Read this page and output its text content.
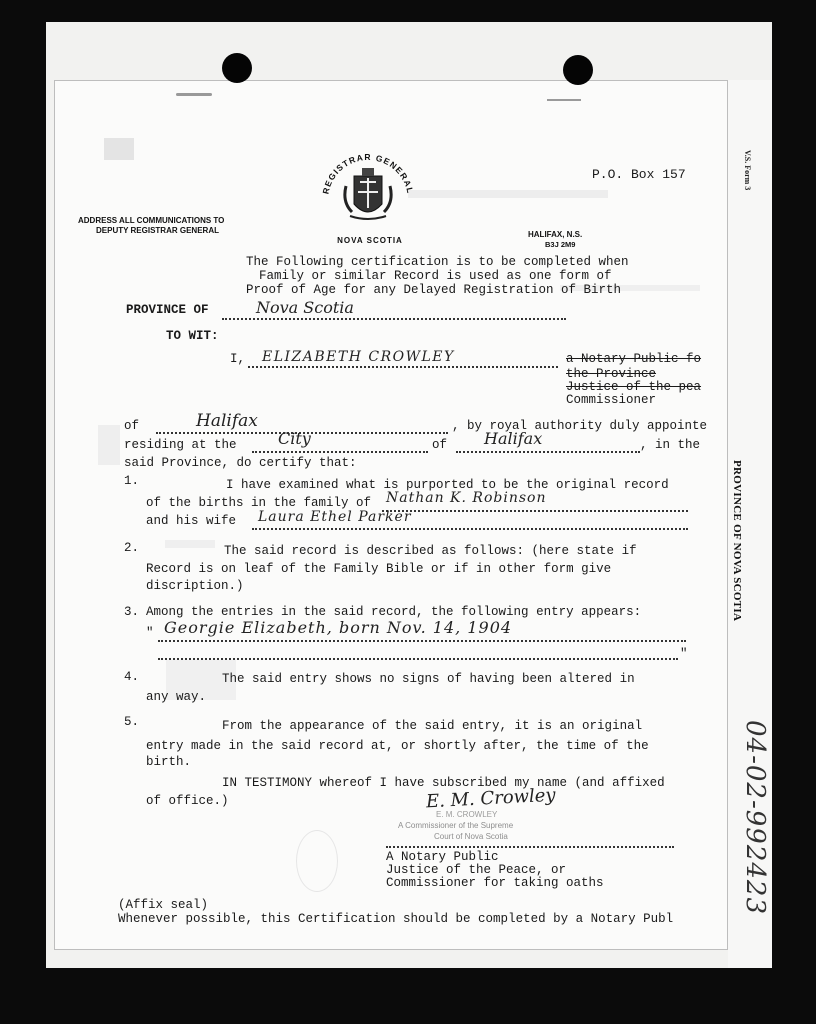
REGISTRAR GENERAL
NOVA SCOTIA
P.O. Box 157
ADDRESS ALL COMMUNICATIONS TO
DEPUTY REGISTRAR GENERAL	HALIFAX, N.S.
B3J 2M9
The Following certification is to be completed when
Family or similar Record is used as one form of
Proof of Age for any Delayed Registration of Birth
PROVINCE OF	Nova Scotia
TO WIT:
I, ELIZABETH CROWLEY	a Notary Public fo
the Province
Justice of the pea
Commissioner
of	Halifax	, by royal authority duly appointe
residing at the	City	of Halifax	, in the
said Province, do certify that:
1.	I have examined what is purported to be the original record
of the births in the family of Nathan K. Robinson
and his wife Laura Ethel Parker
2.	The said record is described as follows: (here state if
Record is on leaf of the Family Bible or if in other form give
discription.)
3. Among the entries in the said record, the following entry appears:
" Georgie Elizabeth, born Nov. 14, 1904
"
4.	The said entry shows no signs of having been altered in
any way.
5.	From the appearance of the said entry, it is an original
entry made in the said record at, or shortly after, the time of the
birth.
IN TESTIMONY whereof I have subscribed my name (and affixed
of office.)	E. M. Crowley
E. M. CROWLEY
A Commissioner of the Supreme
Court of Nova Scotia
A Notary Public
Justice of the Peace, or
Commissioner for taking oaths
(Affix seal)
Whenever possible, this Certification should be completed by a Notary Publ
V.S. Form 3
PROVINCE OF NOVA SCOTIA
04-02-992423
